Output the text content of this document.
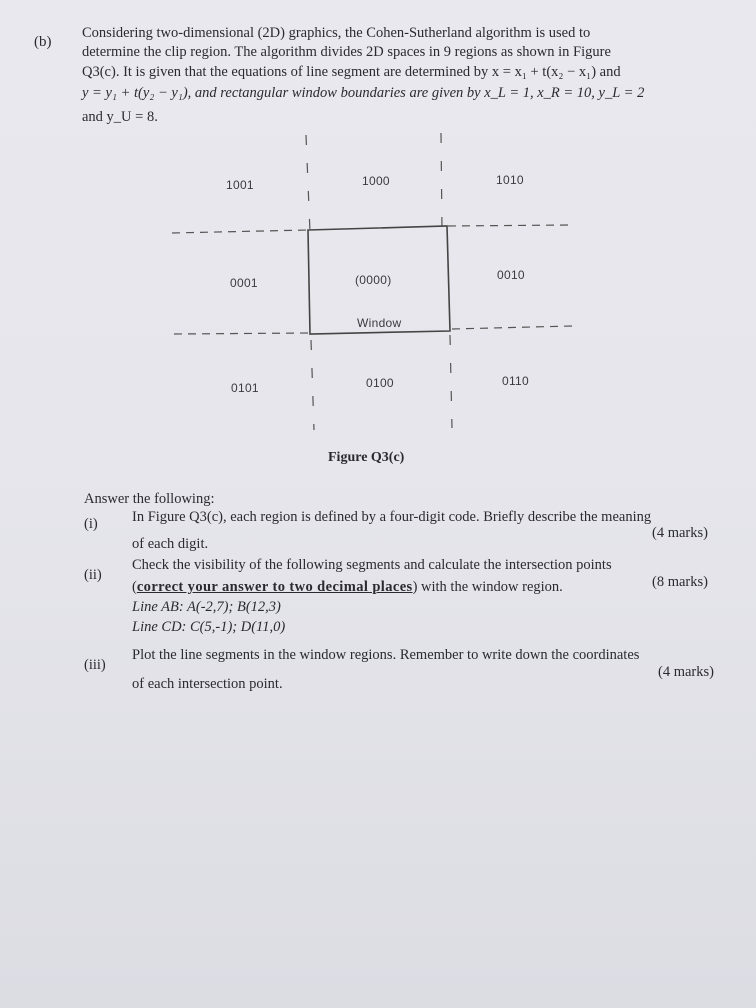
(b)
Considering two-dimensional (2D) graphics, the Cohen-Sutherland algorithm is used to
determine the clip region. The algorithm divides 2D spaces in 9 regions as shown in Figure
Q3(c). It is given that the equations of line segment are determined by x = x₁ + t(x₂ − x₁) and
y = y₁ + t(y₂ − y₁), and rectangular window boundaries are given by x_L = 1, x_R = 10, y_L = 2
and y_U = 8.
1001	1000	1010
0001	(0000)	0010
Window
0101	0100	0110
Figure Q3(c)
Answer the following:
(i) In Figure Q3(c), each region is defined by a four-digit code. Briefly describe the meaning
of each digit.
(4 marks)
(ii)
Check the visibility of the following segments and calculate the intersection points
(correct your answer to two decimal places) with the window region.	(8 marks)
Line AB: A(-2,7); B(12,3)
Line CD: C(5,-1); D(11,0)
(iii)
Plot the line segments in the window regions. Remember to write down the coordinates
of each intersection point.
(4 marks)
